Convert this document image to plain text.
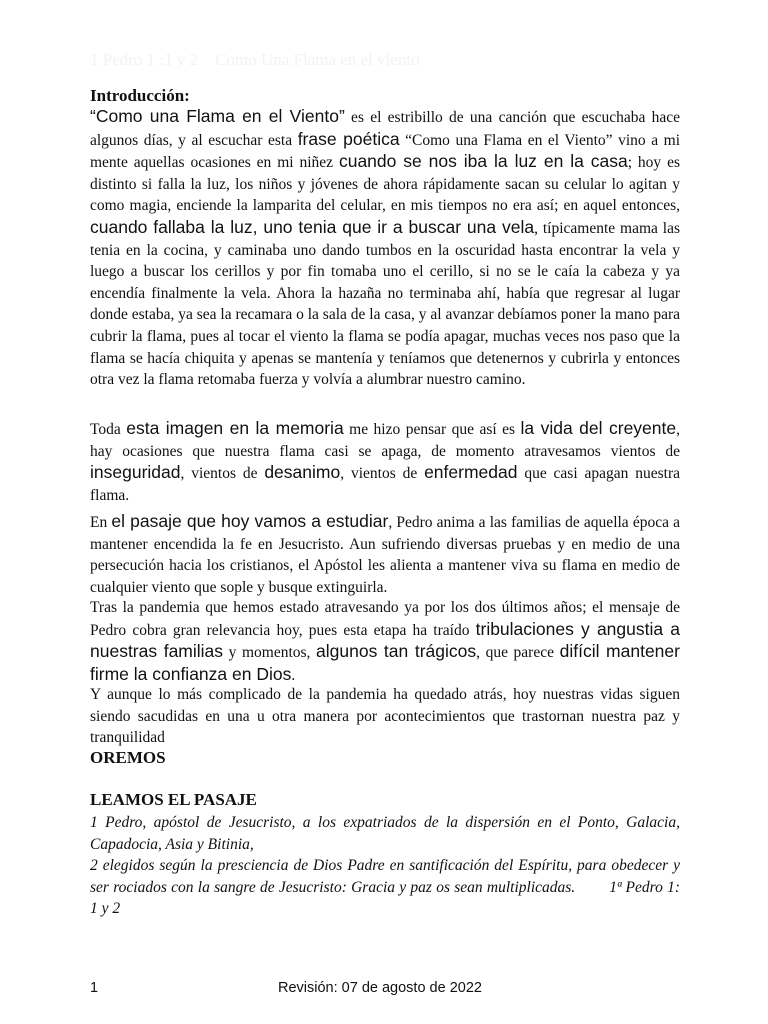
1 Pedro 1 :1 y 2    Como Una Flama en el viento
Introducción:

“Como una Flama en el Viento” es el estribillo de una canción que escuchaba hace algunos días, y al escuchar esta frase poética “Como una Flama en el Viento” vino a mi mente aquellas ocasiones en mi niñez cuando se nos iba la luz en la casa; hoy es distinto si falla la luz, los niños y jóvenes de ahora rápidamente sacan su celular lo agitan y como magia, enciende la lamparita del celular, en mis tiempos no era así; en aquel entonces, cuando fallaba la luz, uno tenia que ir a buscar una vela, típicamente mama las tenia en la cocina, y caminaba uno dando tumbos en la oscuridad hasta encontrar la vela y luego a buscar los cerillos y por fin tomaba uno el cerillo, si no se le caía la cabeza y ya encendía finalmente la vela. Ahora la hazaña no terminaba ahí, había que regresar al lugar donde estaba, ya sea la recamara o la sala de la casa, y al avanzar debíamos poner la mano para cubrir la flama, pues al tocar el viento la flama se podía apagar, muchas veces nos paso que la flama se hacía chiquita y apenas se mantenía y teníamos que detenernos y cubrirla y entonces otra vez la flama retomaba fuerza y volvía a alumbrar nuestro camino.

Toda esta imagen en la memoria me hizo pensar que así es la vida del creyente, hay ocasiones que nuestra flama casi se apaga, de momento atravesamos vientos de inseguridad, vientos de desanimo, vientos de enfermedad que casi apagan nuestra flama.

En el pasaje que hoy vamos a estudiar, Pedro anima a las familias de aquella época a mantener encendida la fe en Jesucristo. Aun sufriendo diversas pruebas y en medio de una persecución hacia los cristianos, el Apóstol les alienta a mantener viva su flama en medio de cualquier viento que sople y busque extinguirla.

Tras la pandemia que hemos estado atravesando ya por los dos últimos años; el mensaje de Pedro cobra gran relevancia hoy, pues esta etapa ha traído tribulaciones y angustia a nuestras familias y momentos, algunos tan trágicos, que parece difícil mantener firme la confianza en Dios.

Y aunque lo más complicado de la pandemia ha quedado atrás, hoy nuestras vidas siguen siendo sacudidas en una u otra manera por acontecimientos que trastornan nuestra paz y tranquilidad

OREMOS
LEAMOS EL PASAJE
1 Pedro, apóstol de Jesucristo, a los expatriados de la dispersión en el Ponto, Galacia, Capadocia, Asia y Bitinia,
2 elegidos según la presciencia de Dios Padre en santificación del Espíritu, para obedecer y ser rociados con la sangre de Jesucristo: Gracia y paz os sean multiplicadas. 1ª Pedro 1: 1 y 2
1	Revisión: 07 de agosto de 2022
